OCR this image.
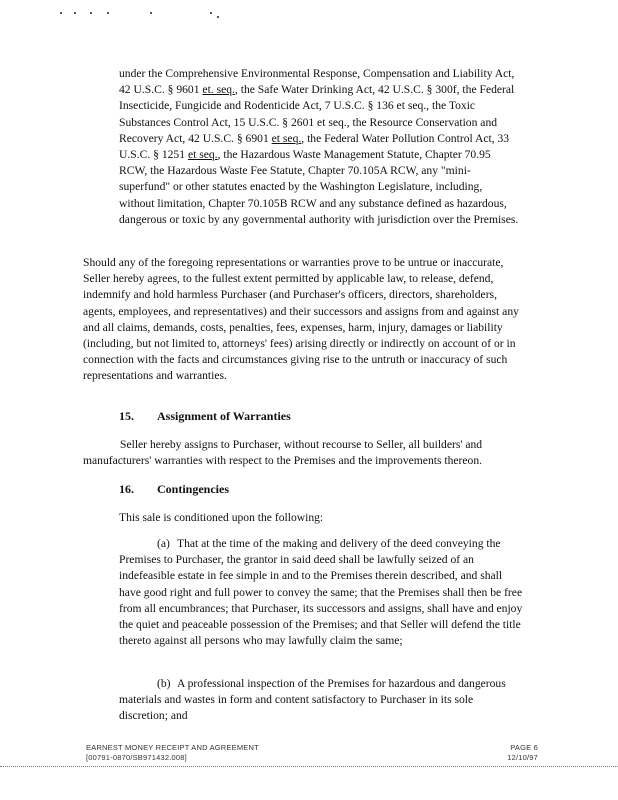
under the Comprehensive Environmental Response, Compensation and Liability Act, 42 U.S.C. § 9601 et. seq., the Safe Water Drinking Act, 42 U.S.C. § 300f, the Federal Insecticide, Fungicide and Rodenticide Act, 7 U.S.C. § 136 et seq., the Toxic Substances Control Act, 15 U.S.C. § 2601 et seq., the Resource Conservation and Recovery Act, 42 U.S.C. § 6901 et seq., the Federal Water Pollution Control Act, 33 U.S.C. § 1251 et seq., the Hazardous Waste Management Statute, Chapter 70.95 RCW, the Hazardous Waste Fee Statute, Chapter 70.105A RCW, any "mini-superfund" or other statutes enacted by the Washington Legislature, including, without limitation, Chapter 70.105B RCW and any substance defined as hazardous, dangerous or toxic by any governmental authority with jurisdiction over the Premises.

Should any of the foregoing representations or warranties prove to be untrue or inaccurate, Seller hereby agrees, to the fullest extent permitted by applicable law, to release, defend, indemnify and hold harmless Purchaser (and Purchaser's officers, directors, shareholders, agents, employees, and representatives) and their successors and assigns from and against any and all claims, demands, costs, penalties, fees, expenses, harm, injury, damages or liability (including, but not limited to, attorneys' fees) arising directly or indirectly on account of or in connection with the facts and circumstances giving rise to the untruth or inaccuracy of such representations and warranties.

15. Assignment of Warranties

Seller hereby assigns to Purchaser, without recourse to Seller, all builders' and manufacturers' warranties with respect to the Premises and the improvements thereon.

16. Contingencies

This sale is conditioned upon the following:

(a) That at the time of the making and delivery of the deed conveying the Premises to Purchaser, the grantor in said deed shall be lawfully seized of an indefeasible estate in fee simple in and to the Premises therein described, and shall have good right and full power to convey the same; that the Premises shall then be free from all encumbrances; that Purchaser, its successors and assigns, shall have and enjoy the quiet and peaceable possession of the Premises; and that Seller will defend the title thereto against all persons who may lawfully claim the same;

(b) A professional inspection of the Premises for hazardous and dangerous materials and wastes in form and content satisfactory to Purchaser in its sole discretion; and

EARNEST MONEY RECEIPT AND AGREEMENT	PAGE 6
[00791-0870/SB971432.008]	12/10/97
